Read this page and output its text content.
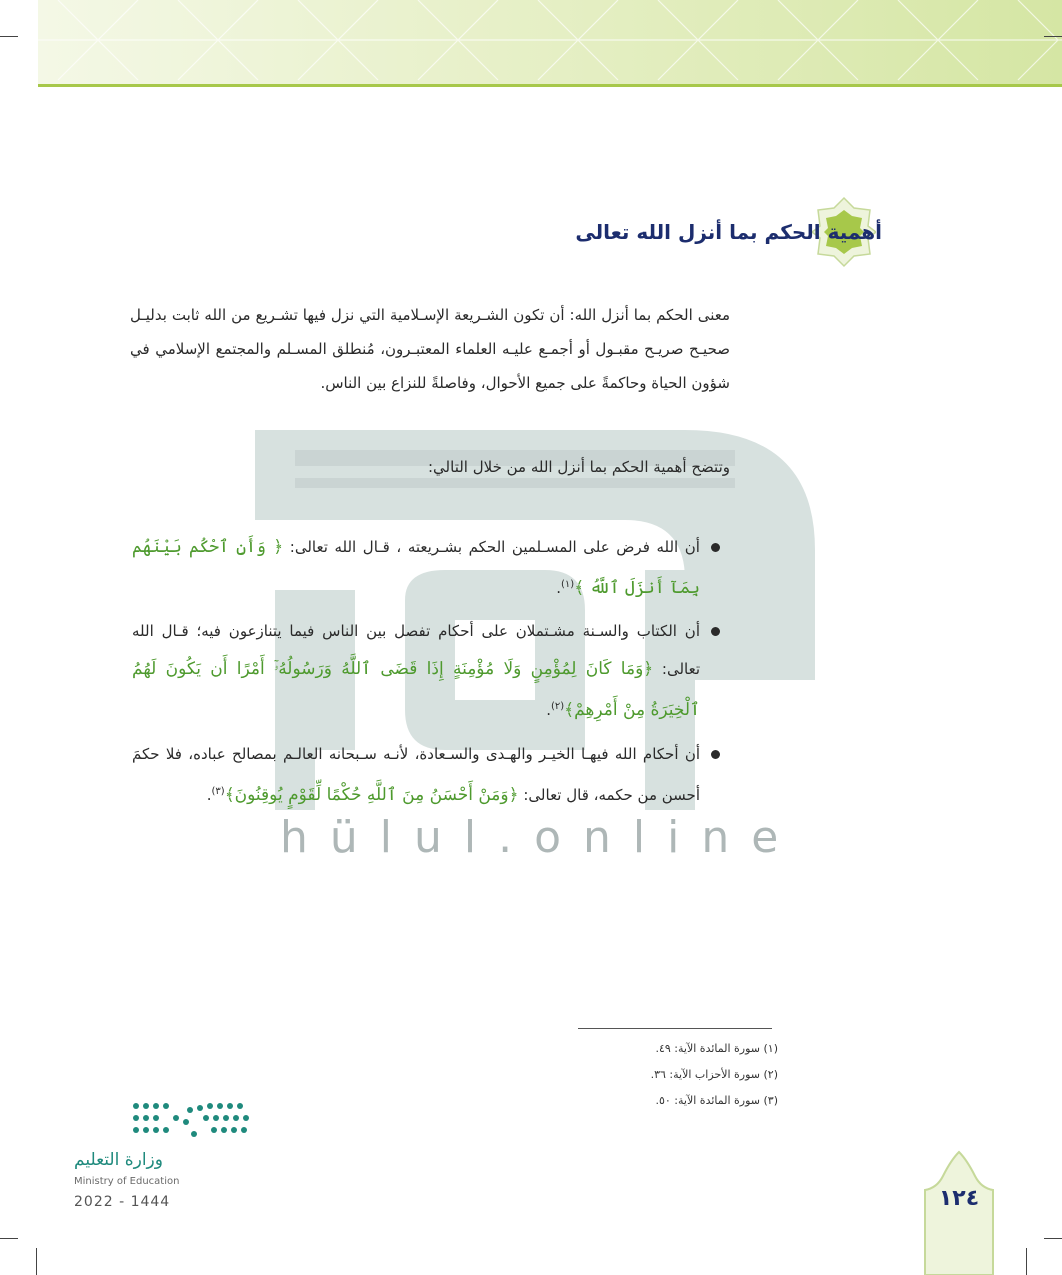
hülul.online
أهمية الحكم بما أنزل الله تعالى
معنى الحكم بما أنزل الله: أن تكون الشـريعة الإسـلامية التي نزل فيها تشـريع من الله ثابت بدليـل صحيـح صريـح مقبـول أو أجمـع عليـه العلماء المعتبـرون، مُنطلق المسـلم والمجتمع الإسلامي في شؤون الحياة وحاكمةً على جميع الأحوال، وفاصلةً للنزاع بين الناس.
وتتضح أهمية الحكم بما أنزل الله من خلال التالي:
أن الله فرض على المسـلمين الحكم بشـريعته ، قـال الله تعالى: ﴿ وَأَنِ ٱحْكُم بَيْنَهُم بِمَآ أَنزَلَ ٱللَّهُ ﴾$^{(١)}$.
أن الكتاب والسـنة مشـتملان على أحكام تفصل بين الناس فيما يتنازعون فيه؛ قـال الله تعالى: ﴿وَمَا كَانَ لِمُؤْمِنٍ وَلَا مُؤْمِنَةٍ إِذَا قَضَى ٱللَّهُ وَرَسُولُهُۥٓ أَمْرًا أَن يَكُونَ لَهُمُ ٱلْخِيَرَةُ مِنْ أَمْرِهِمْ﴾$^{(٢)}$.
أن أحكام الله فيهـا الخيـر والهـدى والسـعادة، لأنـه سـبحانه العالـم بمصالح عباده، فلا حكمَ أحسن من حكمه، قال تعالى: ﴿وَمَنْ أَحْسَنُ مِنَ ٱللَّهِ حُكْمًا لِّقَوْمٍ يُوقِنُونَ﴾$^{(٣)}$.
(١) سورة المائدة الآية: ٤٩.
(٢) سورة الأحزاب الآية: ٣٦.
(٣) سورة المائدة الآية: ٥٠.
وزارة التعليم
Ministry of Education
2022 - 1444	١٢٤
